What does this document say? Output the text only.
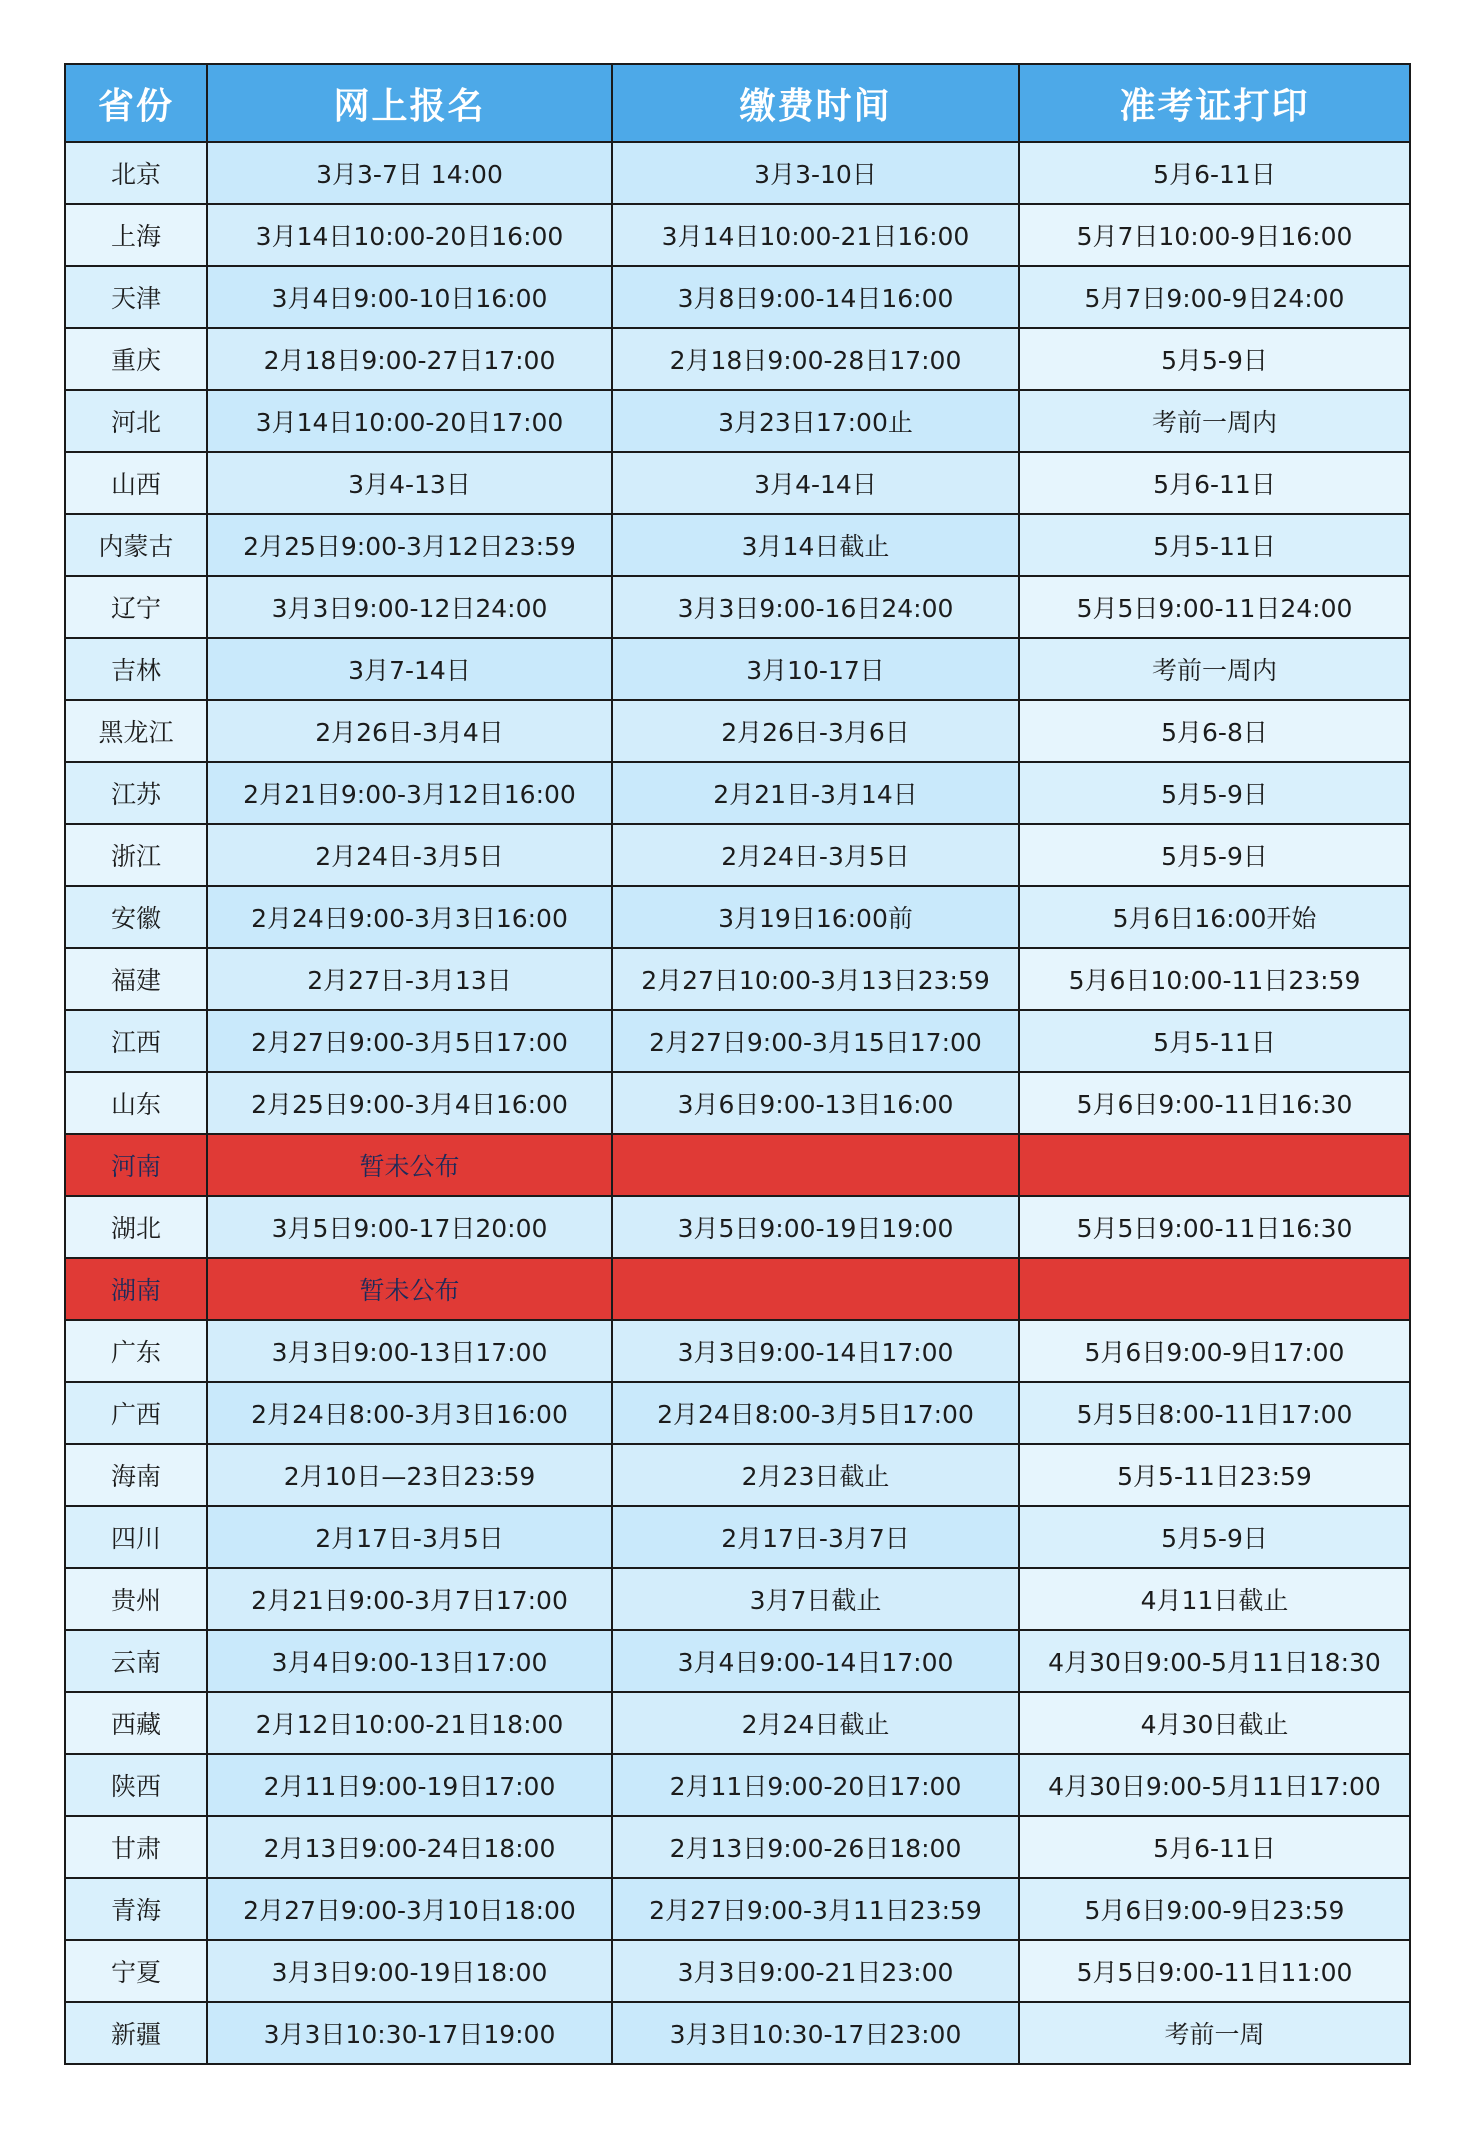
省份	网上报名	缴费时间	准考证打印
北京	3月3-7日 14:00	3月3-10日	5月6-11日
上海	3月14日10:00-20日16:00	3月14日10:00-21日16:00	5月7日10:00-9日16:00
天津	3月4日9:00-10日16:00	3月8日9:00-14日16:00	5月7日9:00-9日24:00
重庆	2月18日9:00-27日17:00	2月18日9:00-28日17:00	5月5-9日
河北	3月14日10:00-20日17:00	3月23日17:00止	考前一周内
山西	3月4-13日	3月4-14日	5月6-11日
内蒙古	2月25日9:00-3月12日23:59	3月14日截止	5月5-11日
辽宁	3月3日9:00-12日24:00	3月3日9:00-16日24:00	5月5日9:00-11日24:00
吉林	3月7-14日	3月10-17日	考前一周内
黑龙江	2月26日-3月4日	2月26日-3月6日	5月6-8日
江苏	2月21日9:00-3月12日16:00	2月21日-3月14日	5月5-9日
浙江	2月24日-3月5日	2月24日-3月5日	5月5-9日
安徽	2月24日9:00-3月3日16:00	3月19日16:00前	5月6日16:00开始
福建	2月27日-3月13日	2月27日10:00-3月13日23:59	5月6日10:00-11日23:59
江西	2月27日9:00-3月5日17:00	2月27日9:00-3月15日17:00	5月5-11日
山东	2月25日9:00-3月4日16:00	3月6日9:00-13日16:00	5月6日9:00-11日16:30
河南	暂未公布		
湖北	3月5日9:00-17日20:00	3月5日9:00-19日19:00	5月5日9:00-11日16:30
湖南	暂未公布		
广东	3月3日9:00-13日17:00	3月3日9:00-14日17:00	5月6日9:00-9日17:00
广西	2月24日8:00-3月3日16:00	2月24日8:00-3月5日17:00	5月5日8:00-11日17:00
海南	2月10日—23日23:59	2月23日截止	5月5-11日23:59
四川	2月17日-3月5日	2月17日-3月7日	5月5-9日
贵州	2月21日9:00-3月7日17:00	3月7日截止	4月11日截止
云南	3月4日9:00-13日17:00	3月4日9:00-14日17:00	4月30日9:00-5月11日18:30
西藏	2月12日10:00-21日18:00	2月24日截止	4月30日截止
陕西	2月11日9:00-19日17:00	2月11日9:00-20日17:00	4月30日9:00-5月11日17:00
甘肃	2月13日9:00-24日18:00	2月13日9:00-26日18:00	5月6-11日
青海	2月27日9:00-3月10日18:00	2月27日9:00-3月11日23:59	5月6日9:00-9日23:59
宁夏	3月3日9:00-19日18:00	3月3日9:00-21日23:00	5月5日9:00-11日11:00
新疆	3月3日10:30-17日19:00	3月3日10:30-17日23:00	考前一周
